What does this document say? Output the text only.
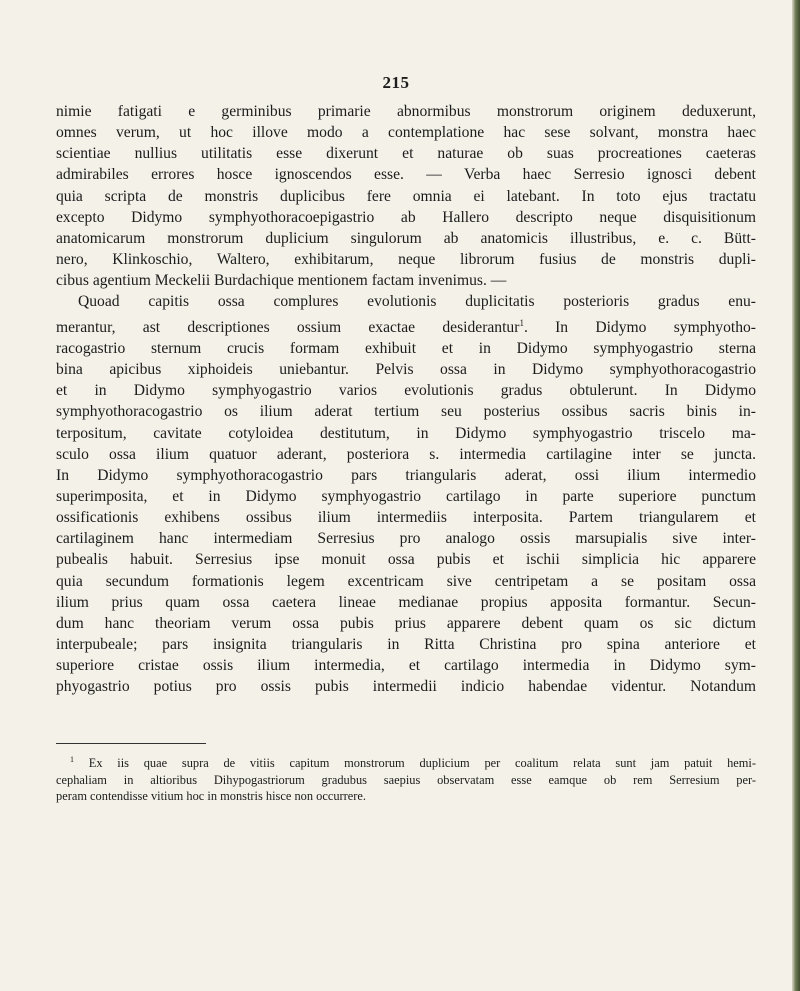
215
nimie fatigati e germinibus primarie abnormibus monstrorum originem deduxerunt,
omnes verum, ut hoc illove modo a contemplatione hac sese solvant, monstra haec
scientiae nullius utilitatis esse dixerunt et naturae ob suas procreationes caeteras
admirabiles errores hosce ignoscendos esse. — Verba haec Serresio ignosci debent
quia scripta de monstris duplicibus fere omnia ei latebant. In toto ejus tractatu
excepto Didymo symphyothoracoepigastrio ab Hallero descripto neque disquisitionum
anatomicarum monstrorum duplicium singulorum ab anatomicis illustribus, e. c. Bütt-
nero, Klinkoschio, Waltero, exhibitarum, neque librorum fusius de monstris dupli-
cibus agentium Meckelii Burdachique mentionem factam invenimus. —
Quoad capitis ossa complures evolutionis duplicitatis posterioris gradus enu-
merantur, ast descriptiones ossium exactae desiderantur$^1$. In Didymo symphyotho-
racogastrio sternum crucis formam exhibuit et in Didymo symphyogastrio sterna
bina apicibus xiphoideis uniebantur. Pelvis ossa in Didymo symphyothoracogastrio
et in Didymo symphyogastrio varios evolutionis gradus obtulerunt. In Didymo
symphyothoracogastrio os ilium aderat tertium seu posterius ossibus sacris binis in-
terpositum, cavitate cotyloidea destitutum, in Didymo symphyogastrio triscelo ma-
sculo ossa ilium quatuor aderant, posteriora s. intermedia cartilagine inter se juncta.
In Didymo symphyothoracogastrio pars triangularis aderat, ossi ilium intermedio
superimposita, et in Didymo symphyogastrio cartilago in parte superiore punctum
ossificationis exhibens ossibus ilium intermediis interposita. Partem triangularem et
cartilaginem hanc intermediam Serresius pro analogo ossis marsupialis sive inter-
pubealis habuit. Serresius ipse monuit ossa pubis et ischii simplicia hic apparere
quia secundum formationis legem excentricam sive centripetam a se positam ossa
ilium prius quam ossa caetera lineae medianae propius apposita formantur. Secun-
dum hanc theoriam verum ossa pubis prius apparere debent quam os sic dictum
interpubeale; pars insignita triangularis in Ritta Christina pro spina anteriore et
superiore cristae ossis ilium intermedia, et cartilago intermedia in Didymo sym-
phyogastrio potius pro ossis pubis intermedii indicio habendae videntur. Notandum
$^1$ Ex iis quae supra de vitiis capitum monstrorum duplicium per coalitum relata sunt jam patuit hemi-
cephaliam in altioribus Dihypogastriorum gradubus saepius observatam esse eamque ob rem Serresium per-
peram contendisse vitium hoc in monstris hisce non occurrere.
